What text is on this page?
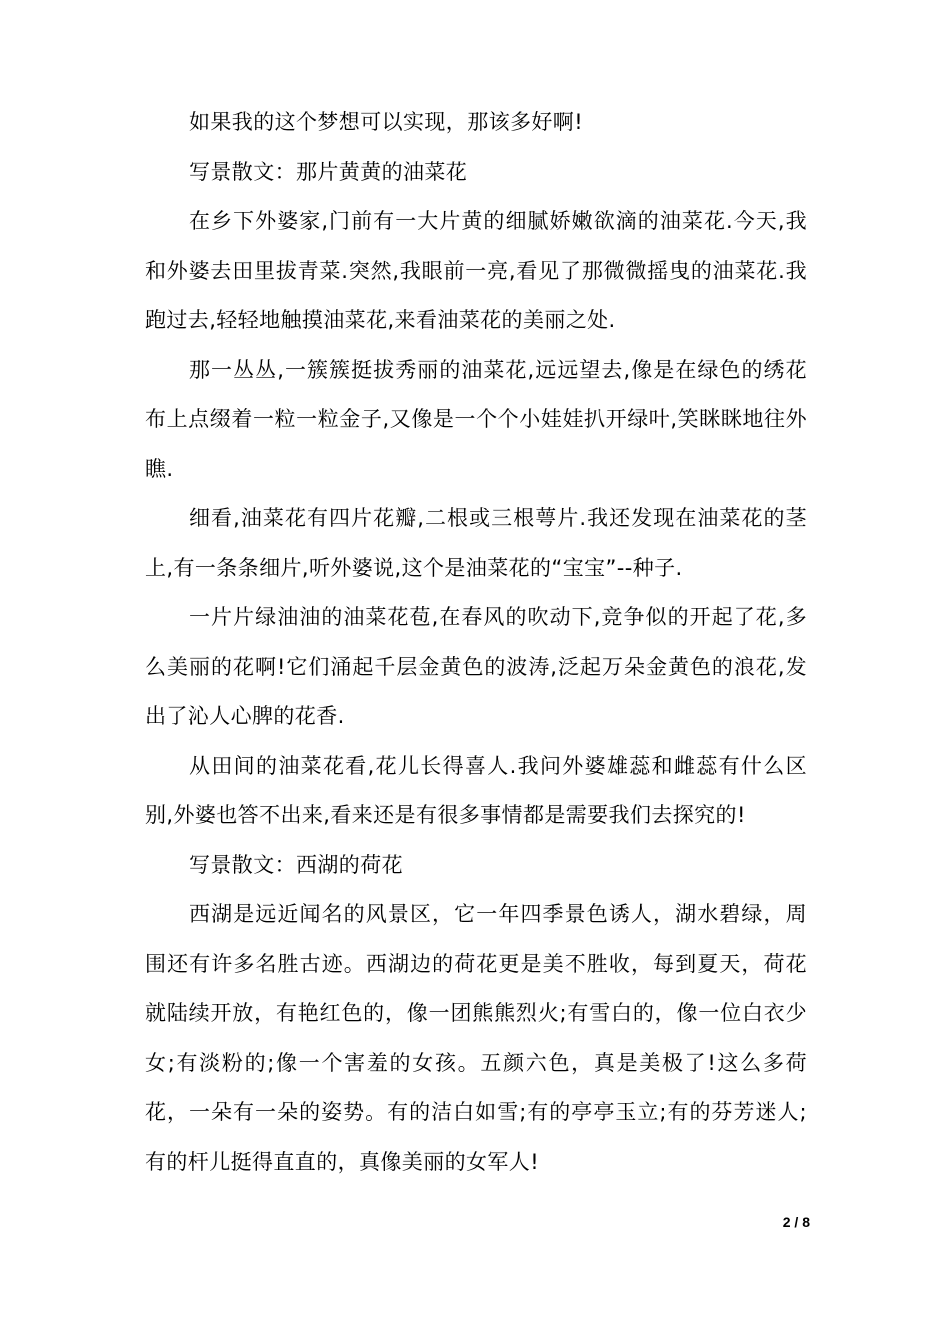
如果我的这个梦想可以实现，那该多好啊!

写景散文：那片黄黄的油菜花

在乡下外婆家,门前有一大片黄的细腻娇嫩欲滴的油菜花.今天,我和外婆去田里拔青菜.突然,我眼前一亮,看见了那微微摇曳的油菜花.我跑过去,轻轻地触摸油菜花,来看油菜花的美丽之处.

那一丛丛,一簇簇挺拔秀丽的油菜花,远远望去,像是在绿色的绣花布上点缀着一粒一粒金子,又像是一个个小娃娃扒开绿叶,笑眯眯地往外瞧.

细看,油菜花有四片花瓣,二根或三根萼片.我还发现在油菜花的茎上,有一条条细片,听外婆说,这个是油菜花的“宝宝”--种子.

一片片绿油油的油菜花苞,在春风的吹动下,竞争似的开起了花,多么美丽的花啊!它们涌起千层金黄色的波涛,泛起万朵金黄色的浪花,发出了沁人心脾的花香.

从田间的油菜花看,花儿长得喜人.我问外婆雄蕊和雌蕊有什么区别,外婆也答不出来,看来还是有很多事情都是需要我们去探究的!

写景散文：西湖的荷花

西湖是远近闻名的风景区，它一年四季景色诱人，湖水碧绿，周围还有许多名胜古迹。西湖边的荷花更是美不胜收，每到夏天，荷花就陆续开放，有艳红色的，像一团熊熊烈火;有雪白的，像一位白衣少女;有淡粉的;像一个害羞的女孩。五颜六色，真是美极了!这么多荷花，一朵有一朵的姿势。有的洁白如雪;有的亭亭玉立;有的芬芳迷人;有的杆儿挺得直直的，真像美丽的女军人!

2 / 8
